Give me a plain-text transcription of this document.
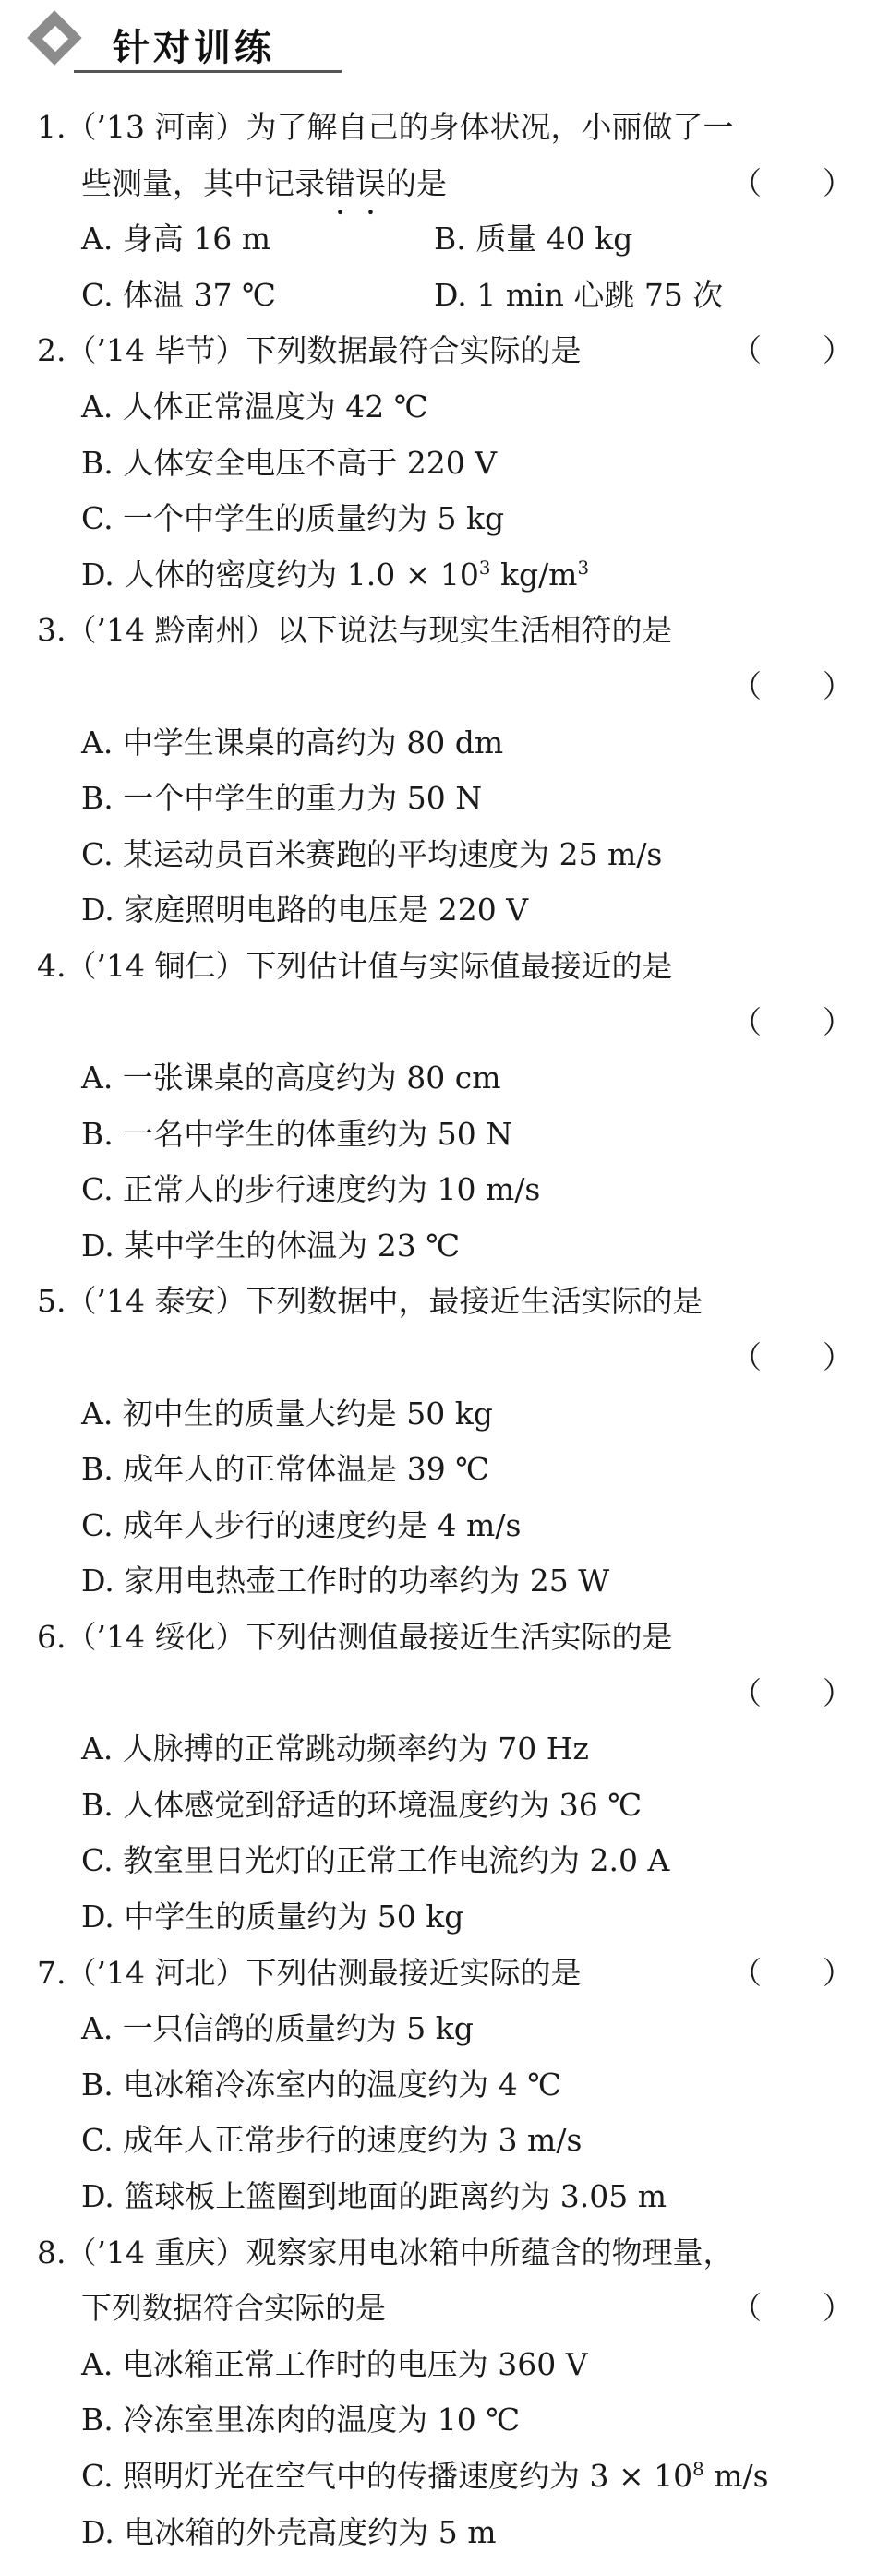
针对训练
1.（’13 河南）为了解自己的身体状况，小丽做了一
些测量，其中记录错误的是	（　　）
A. 身高 16 m	B. 质量 40 kg
C. 体温 37 ℃	D. 1 min 心跳 75 次
2.（’14 毕节）下列数据最符合实际的是	（　　）
A. 人体正常温度为 42 ℃
B. 人体安全电压不高于 220 V
C. 一个中学生的质量约为 5 kg
D. 人体的密度约为 $1.0 \times 10^3$ $kg/m^3$
3.（’14 黔南州）以下说法与现实生活相符的是
（　　）
A. 中学生课桌的高约为 80 dm
B. 一个中学生的重力为 50 N
C. 某运动员百米赛跑的平均速度为 25 m/s
D. 家庭照明电路的电压是 220 V
4.（’14 铜仁）下列估计值与实际值最接近的是
（　　）
A. 一张课桌的高度约为 80 cm
B. 一名中学生的体重约为 50 N
C. 正常人的步行速度约为 10 m/s
D. 某中学生的体温为 23 ℃
5.（’14 泰安）下列数据中，最接近生活实际的是
（　　）
A. 初中生的质量大约是 50 kg
B. 成年人的正常体温是 39 ℃
C. 成年人步行的速度约是 4 m/s
D. 家用电热壶工作时的功率约为 25 W
6.（’14 绥化）下列估测值最接近生活实际的是
（　　）
A. 人脉搏的正常跳动频率约为 70 Hz
B. 人体感觉到舒适的环境温度约为 36 ℃
C. 教室里日光灯的正常工作电流约为 2.0 A
D. 中学生的质量约为 50 kg
7.（’14 河北）下列估测最接近实际的是	（　　）
A. 一只信鸽的质量约为 5 kg
B. 电冰箱冷冻室内的温度约为 4 ℃
C. 成年人正常步行的速度约为 3 m/s
D. 篮球板上篮圈到地面的距离约为 3.05 m
8.（’14 重庆）观察家用电冰箱中所蕴含的物理量，
下列数据符合实际的是	（　　）
A. 电冰箱正常工作时的电压为 360 V
B. 冷冻室里冻肉的温度为 10 ℃
C. 照明灯光在空气中的传播速度约为 $3 \times 10^8$ m/s
D. 电冰箱的外壳高度约为 5 m
